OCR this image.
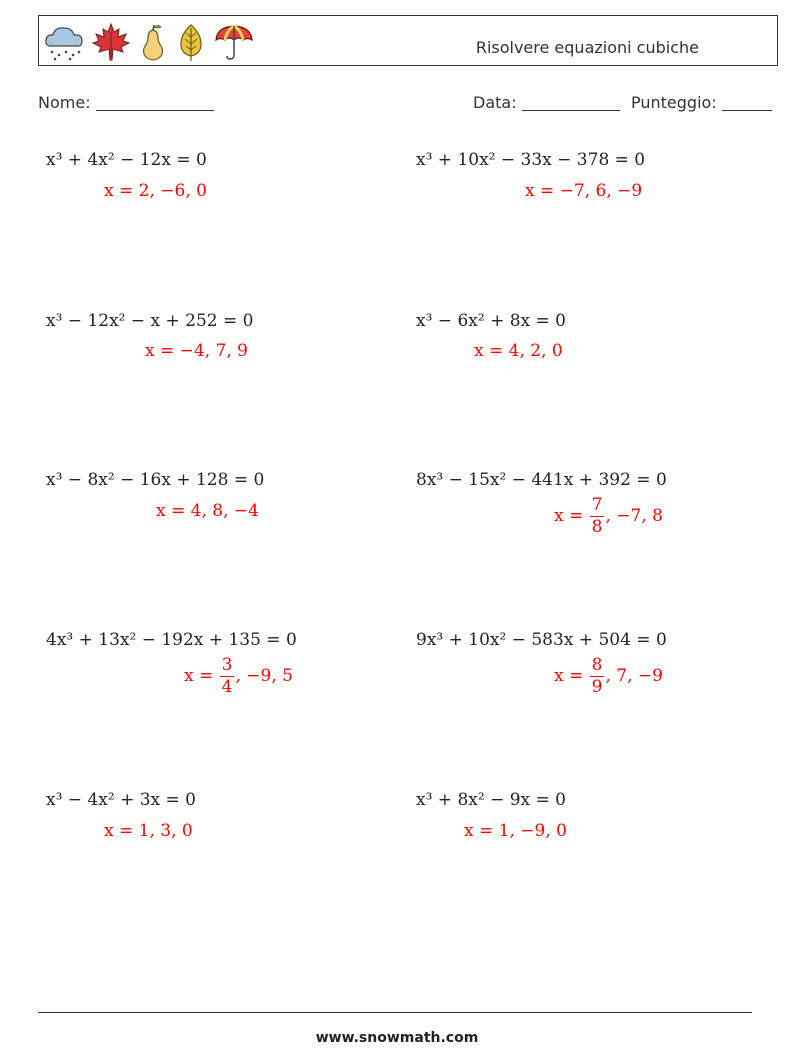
Risolvere equazioni cubiche
Nome:	Data:	Punteggio:
x³ + 4x² − 12x = 0
x = 2, −6, 0
x³ + 10x² − 33x − 378 = 0
x = −7, 6, −9
x³ − 12x² − x + 252 = 0
x = −4, 7, 9
x³ − 6x² + 8x = 0
x = 4, 2, 0
x³ − 8x² − 16x + 128 = 0
x = 4, 8, −4
8x³ − 15x² − 441x + 392 = 0
$x = \frac{7}{8}$ , −7, 8
4x³ + 13x² − 192x + 135 = 0
$x = \frac{3}{4}$ , −9, 5
9x³ + 10x² − 583x + 504 = 0
$x = \frac{8}{9}$ , 7, −9
x³ − 4x² + 3x = 0
x = 1, 3, 0
x³ + 8x² − 9x = 0
x = 1, −9, 0
www.snowmath.com
